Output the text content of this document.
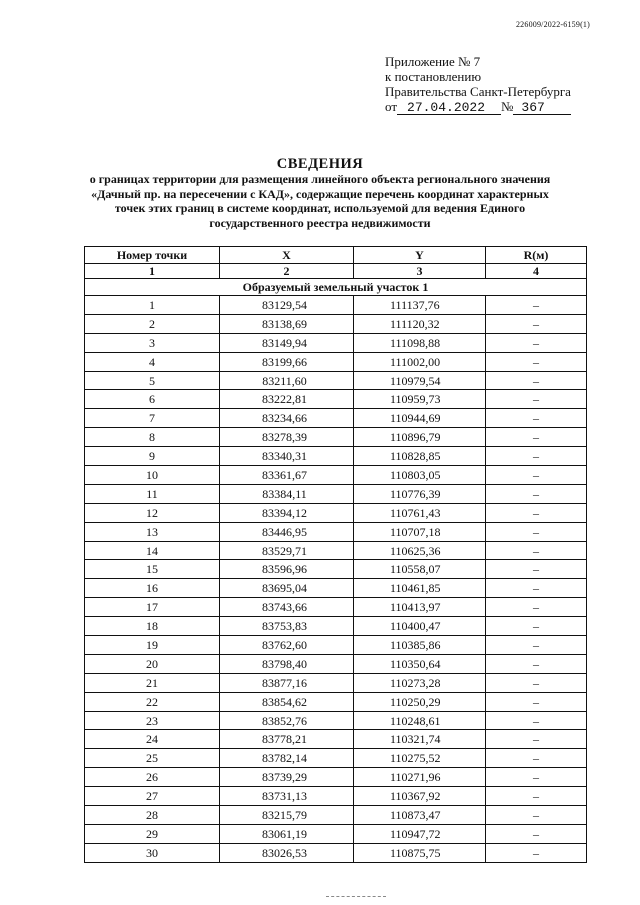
226009/2022-6159(1)
Приложение № 7
к постановлению
Правительства Санкт-Петербурга
от 27.04.2022 № 367
СВЕДЕНИЯ
о границах территории для размещения линейного объекта регионального значения
«Дачный пр. на пересечении с КАД», содержащие перечень координат характерных
точек этих границ в системе координат, используемой для ведения Единого
государственного реестра недвижимости
Номер точки	X	Y	R(м)
1	2	3	4
Образуемый земельный участок 1			
1	83129,54	111137,76	–
2	83138,69	111120,32	–
3	83149,94	111098,88	–
4	83199,66	111002,00	–
5	83211,60	110979,54	–
6	83222,81	110959,73	–
7	83234,66	110944,69	–
8	83278,39	110896,79	–
9	83340,31	110828,85	–
10	83361,67	110803,05	–
11	83384,11	110776,39	–
12	83394,12	110761,43	–
13	83446,95	110707,18	–
14	83529,71	110625,36	–
15	83596,96	110558,07	–
16	83695,04	110461,85	–
17	83743,66	110413,97	–
18	83753,83	110400,47	–
19	83762,60	110385,86	–
20	83798,40	110350,64	–
21	83877,16	110273,28	–
22	83854,62	110250,29	–
23	83852,76	110248,61	–
24	83778,21	110321,74	–
25	83782,14	110275,52	–
26	83739,29	110271,96	–
27	83731,13	110367,92	–
28	83215,79	110873,47	–
29	83061,19	110947,72	–
30	83026,53	110875,75	–
